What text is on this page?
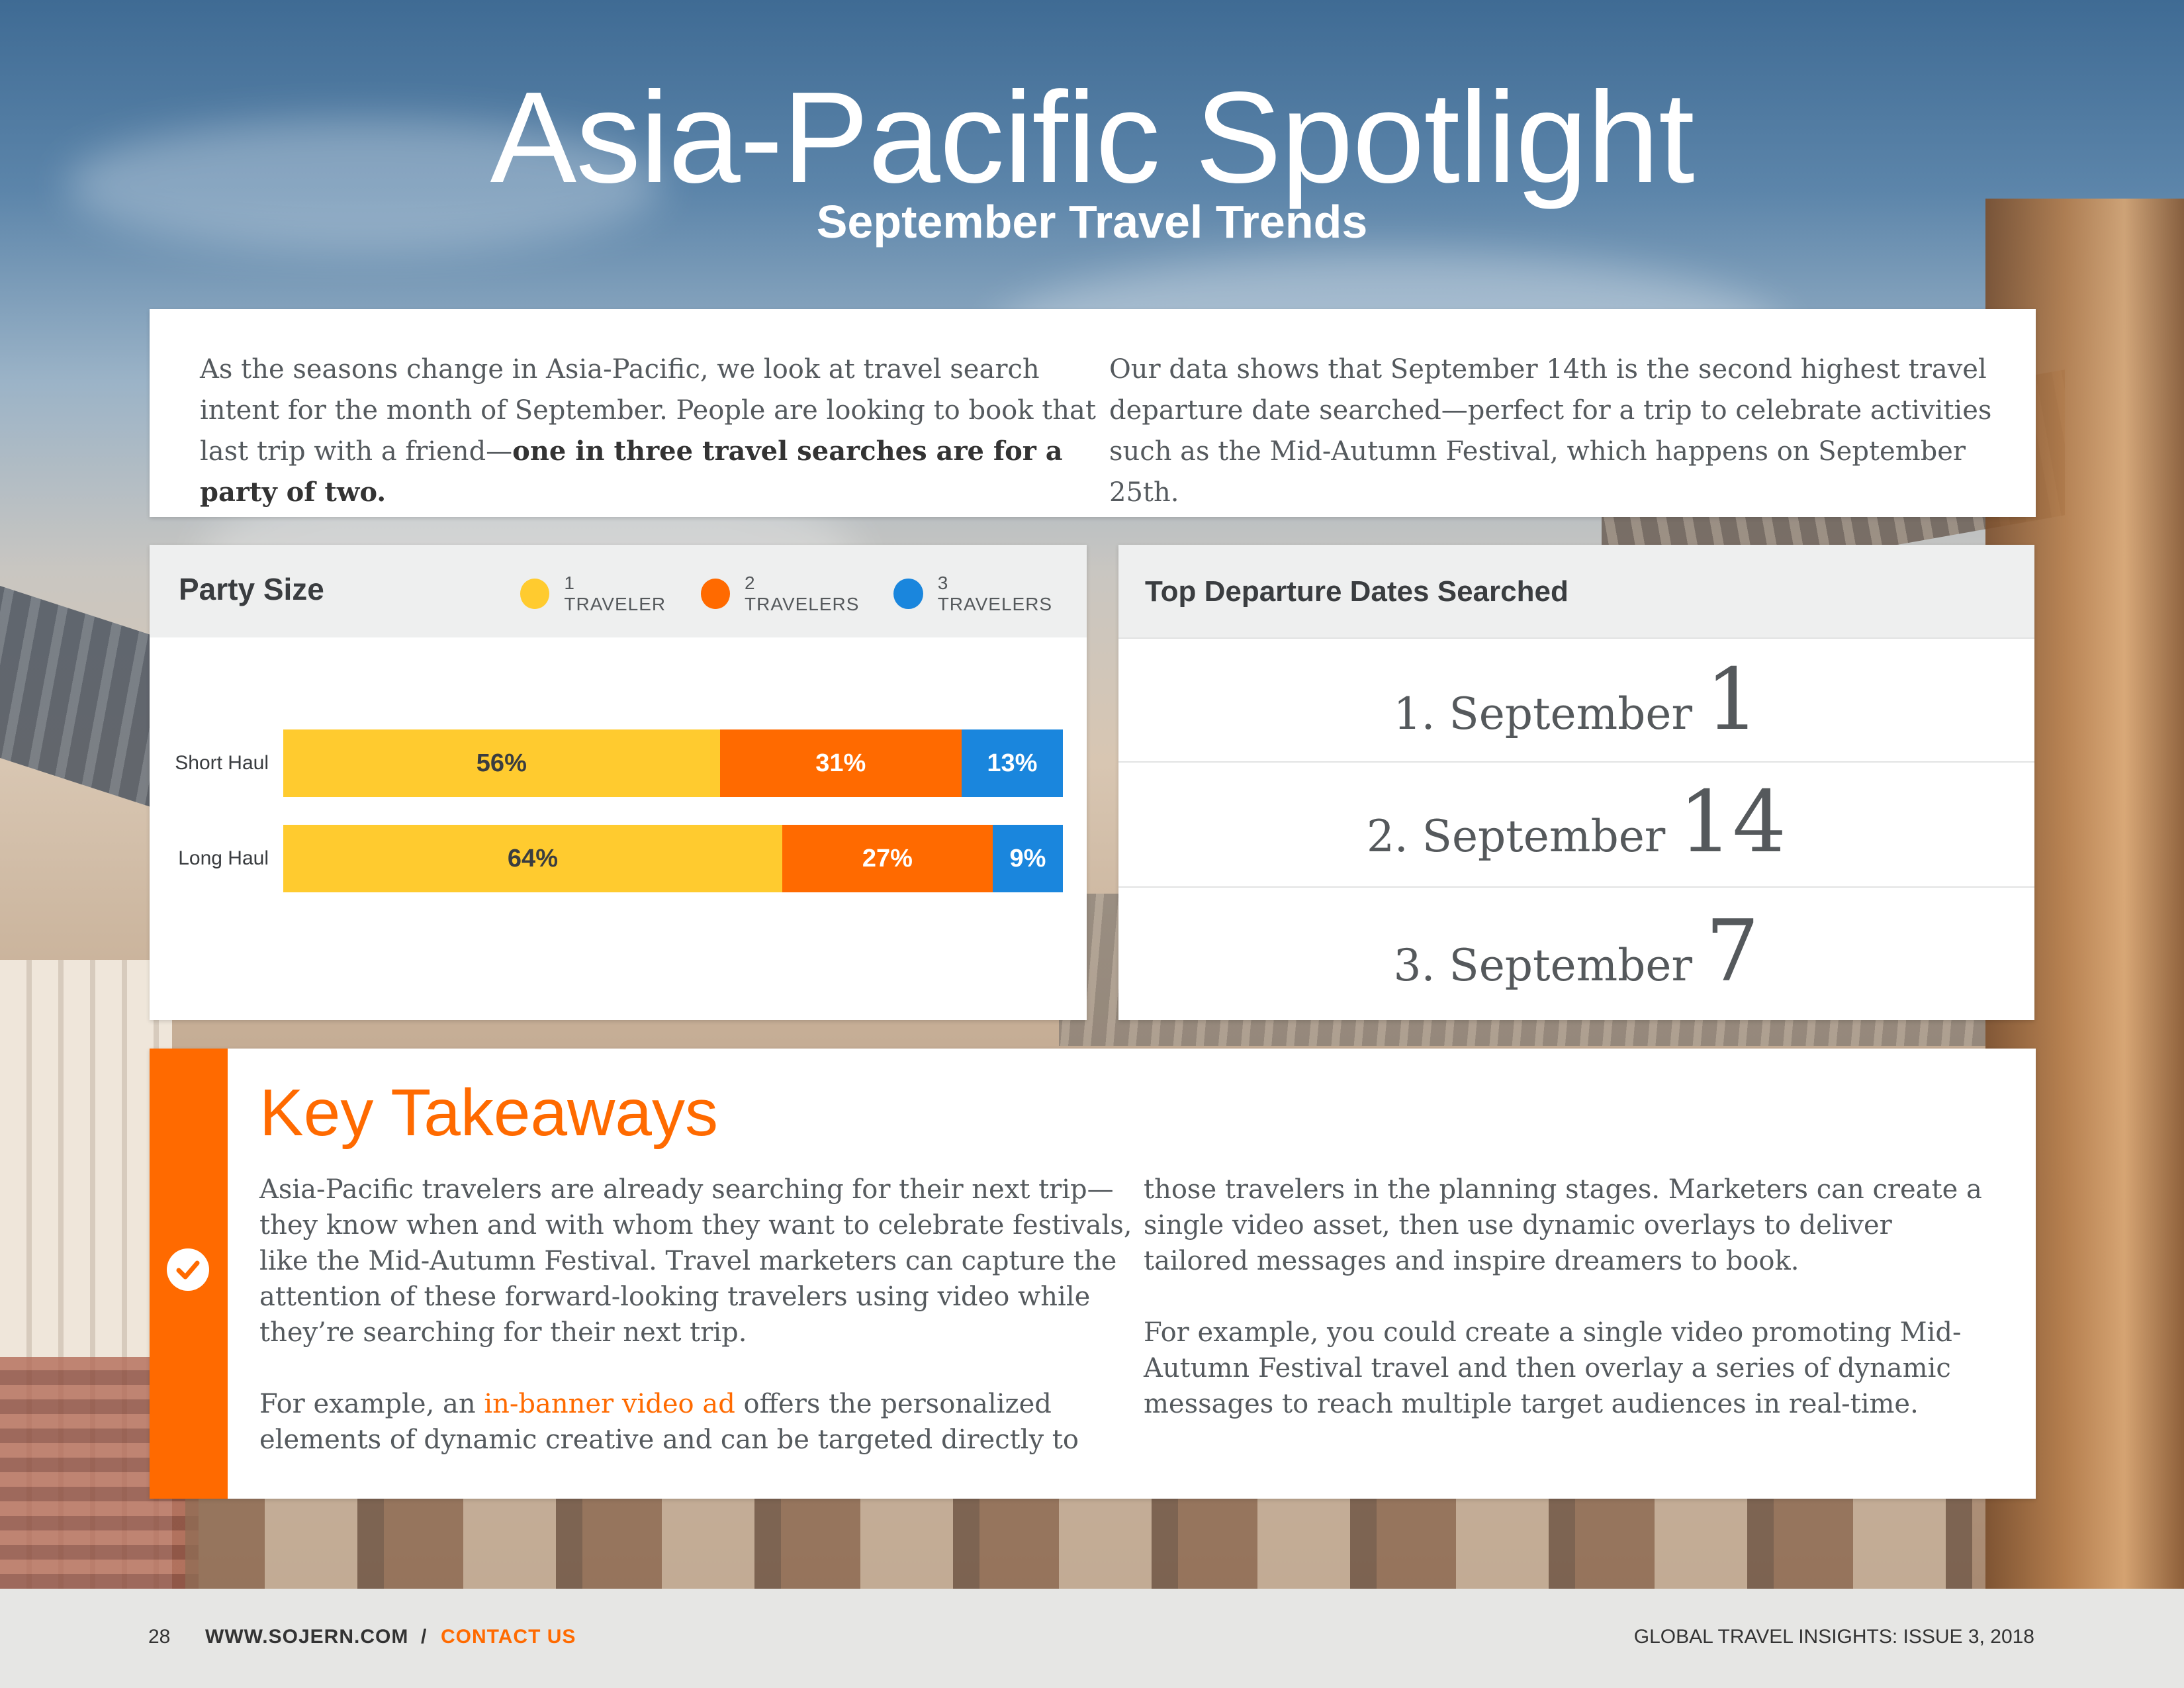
Asia-Pacific Spotlight
September Travel Trends
As the seasons change in Asia-Pacific, we look at travel search intent for the month of September. People are looking to book that last trip with a friend—one in three travel searches are for a party of two.
Our data shows that September 14th is the second highest travel departure date searched—perfect for a trip to celebrate activities such as the Mid-Autumn Festival, which happens on September 25th.
Party Size	1 TRAVELER
2 TRAVELERS
3 TRAVELERS
Short Haul	56%	31%	13%
Long Haul	64%	27%	9%
Top Departure Dates Searched
1. September 1
2. September 14
3. September 7
Key Takeaways

Asia-Pacific travelers are already searching for their next trip—they know when and with whom they want to celebrate festivals, like the Mid-Autumn Festival. Travel marketers can capture the attention of these forward-looking travelers using video while they’re searching for their next trip.

For example, an in-banner video ad offers the personalized elements of dynamic creative and can be targeted directly to

those travelers in the planning stages. Marketers can create a single video asset, then use dynamic overlays to deliver tailored messages and inspire dreamers to book.

For example, you could create a single video promoting Mid-Autumn Festival travel and then overlay a series of dynamic messages to reach multiple target audiences in real-time.

28 WWW.SOJERN.COM / CONTACT US	GLOBAL TRAVEL INSIGHTS: ISSUE 3, 2018
